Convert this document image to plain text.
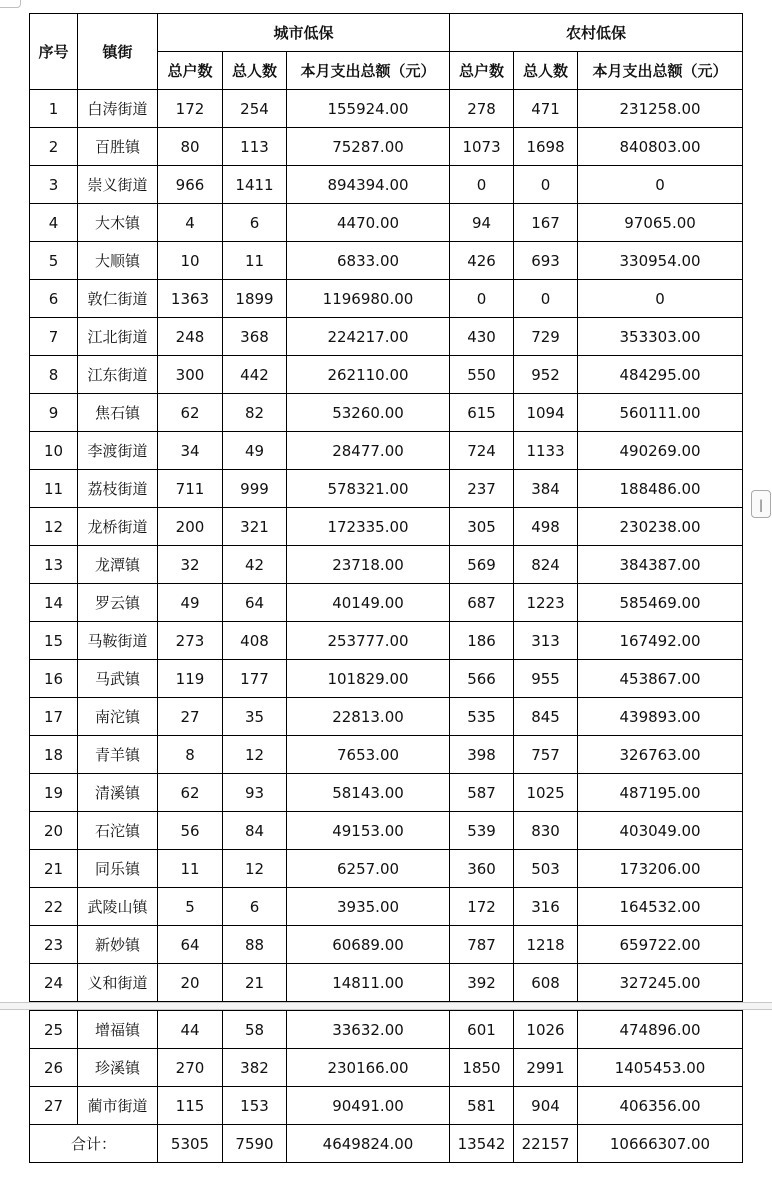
序号	镇街	城市低保			农村低保		
		总户数	总人数	本月支出总额（元）	总户数	总人数	本月支出总额（元）
1	白涛街道	172	254	155924.00	278	471	231258.00
2	百胜镇	80	113	75287.00	1073	1698	840803.00
3	崇义街道	966	1411	894394.00	0	0	0
4	大木镇	4	6	4470.00	94	167	97065.00
5	大顺镇	10	11	6833.00	426	693	330954.00
6	敦仁街道	1363	1899	1196980.00	0	0	0
7	江北街道	248	368	224217.00	430	729	353303.00
8	江东街道	300	442	262110.00	550	952	484295.00
9	焦石镇	62	82	53260.00	615	1094	560111.00
10	李渡街道	34	49	28477.00	724	1133	490269.00
11	荔枝街道	711	999	578321.00	237	384	188486.00
12	龙桥街道	200	321	172335.00	305	498	230238.00
13	龙潭镇	32	42	23718.00	569	824	384387.00
14	罗云镇	49	64	40149.00	687	1223	585469.00
15	马鞍街道	273	408	253777.00	186	313	167492.00
16	马武镇	119	177	101829.00	566	955	453867.00
17	南沱镇	27	35	22813.00	535	845	439893.00
18	青羊镇	8	12	7653.00	398	757	326763.00
19	清溪镇	62	93	58143.00	587	1025	487195.00
20	石沱镇	56	84	49153.00	539	830	403049.00
21	同乐镇	11	12	6257.00	360	503	173206.00
22	武陵山镇	5	6	3935.00	172	316	164532.00
23	新妙镇	64	88	60689.00	787	1218	659722.00
24	义和街道	20	21	14811.00	392	608	327245.00
25	增福镇	44	58	33632.00	601	1026	474896.00
26	珍溪镇	270	382	230166.00	1850	2991	1405453.00
27	蔺市街道	115	153	90491.00	581	904	406356.00
合计：		5305	7590	4649824.00	13542	22157	10666307.00
|
